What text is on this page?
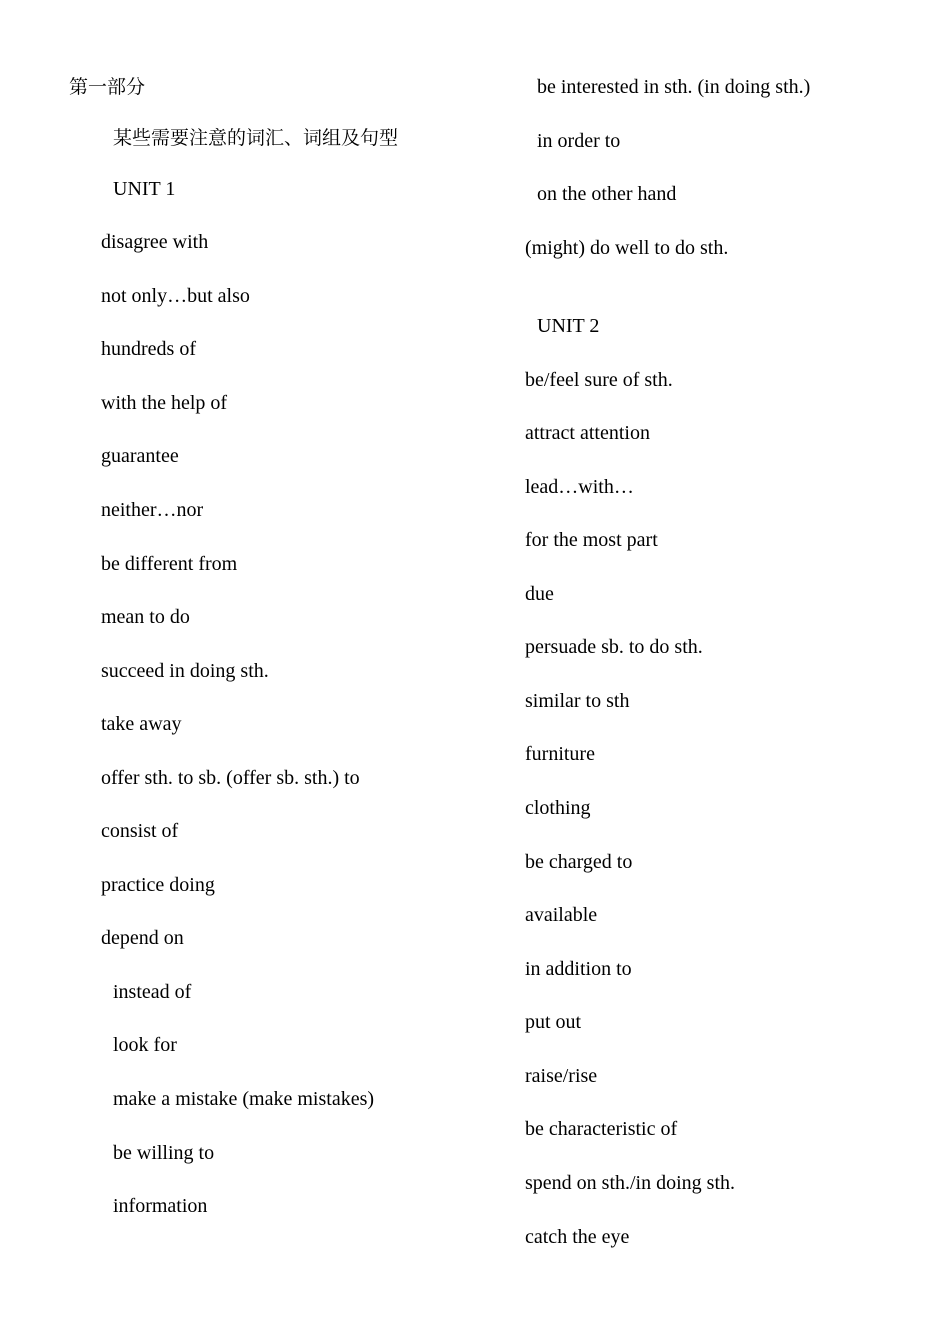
第一部分
某些需要注意的词汇、词组及句型
UNIT 1
disagree with
not only…but also
hundreds of
with the help of
guarantee
neither…nor
be different from
mean to do
succeed in doing sth.
take away
offer sth. to sb. (offer sb. sth.) to
consist of
practice doing
depend on
instead of
look for
make a mistake (make mistakes)
be willing to
information
be interested in sth. (in doing sth.)
in order to
on the other hand
(might) do well to do sth.
UNIT 2
be/feel sure of sth.
attract attention
lead…with…
for the most part
due
persuade sb. to do sth.
similar to sth
furniture
clothing
be charged to
available
in addition to
put out
raise/rise
be characteristic of
spend on sth./in doing sth.
catch the eye
